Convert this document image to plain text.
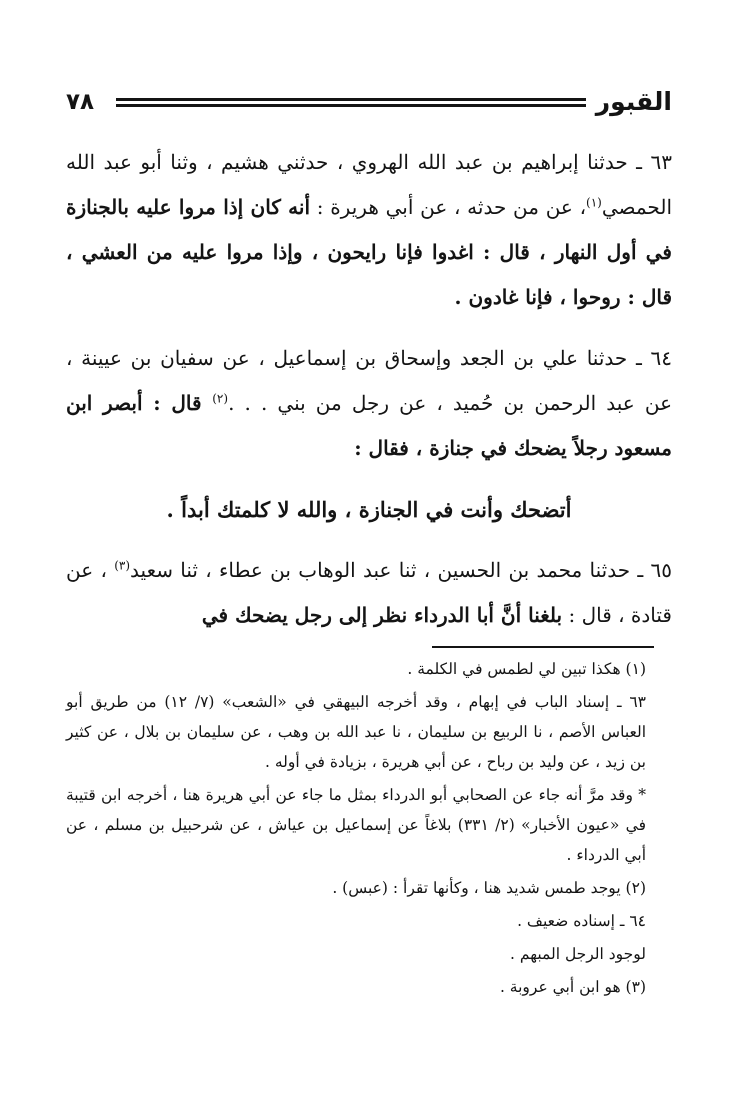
القبور
٧٨

٦٣ ـ حدثنا إبراهيم بن عبد الله الهروي ، حدثني هشيم ، وثنا أبو عبد الله الحمصي$^{(١)}$، عن من حدثه ، عن أبي هريرة : أنه كان إذا مروا عليه بالجنازة في أول النهار ، قال : اغدوا فإنا رايحون ، وإذا مروا عليه من العشي ، قال : روحوا ، فإنا غادون .

٦٤ ـ حدثنا علي بن الجعد وإسحاق بن إسماعيل ، عن سفيان بن عيينة ، عن عبد الرحمن بن حُميد ، عن رجل من بني . . .$^{(٢)}$ قال : أبصر ابن مسعود رجلاً يضحك في جنازة ، فقال :

أتضحك وأنت في الجنازة ، والله لا كلمتك أبداً .

٦٥ ـ حدثنا محمد بن الحسين ، ثنا عبد الوهاب بن عطاء ، ثنا سعيد$^{(٣)}$ ، عن قتادة ، قال : بلغنا أنَّ أبا الدرداء نظر إلى رجل يضحك في

(١) هكذا تبين لي لطمس في الكلمة .

٦٣ ـ إسناد الباب في إبهام ، وقد أخرجه البيهقي في «الشعب» (٧/ ١٢) من طريق أبو العباس الأصم ، نا الربيع بن سليمان ، نا عبد الله بن وهب ، عن سليمان بن بلال ، عن كثير بن زيد ، عن وليد بن رباح ، عن أبي هريرة ، بزيادة في أوله .

* وقد مرَّ أنه جاء عن الصحابي أبو الدرداء بمثل ما جاء عن أبي هريرة هنا ، أخرجه ابن قتيبة في «عيون الأخبار» (٢/ ٣٣١) بلاغاً عن إسماعيل بن عياش ، عن شرحبيل بن مسلم ، عن أبي الدرداء .

(٢) يوجد طمس شديد هنا ، وكأنها تقرأ : (عبس) .

٦٤ ـ إسناده ضعيف .

لوجود الرجل المبهم .

(٣) هو ابن أبي عروبة .
